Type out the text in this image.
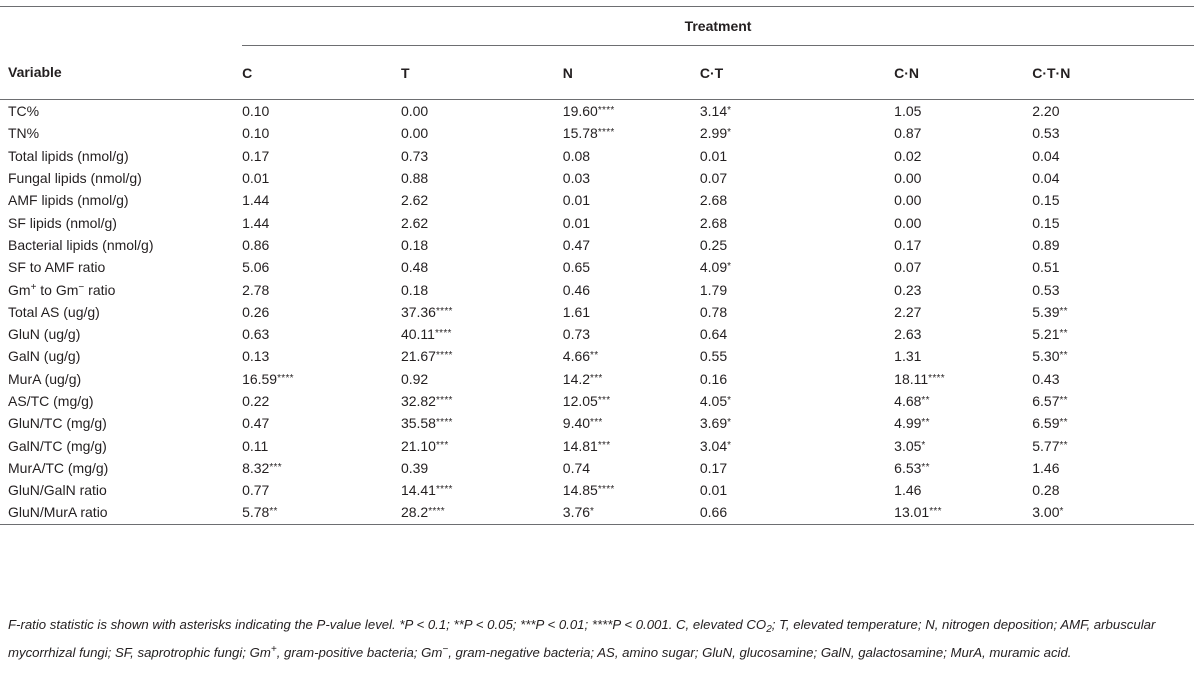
	Treatment					
Variable	C	T	N	C·T	C·N	C·T·N
TC%	0.10	0.00	19.60****	3.14*	1.05	2.20
TN%	0.10	0.00	15.78****	2.99*	0.87	0.53
Total lipids (nmol/g)	0.17	0.73	0.08	0.01	0.02	0.04
Fungal lipids (nmol/g)	0.01	0.88	0.03	0.07	0.00	0.04
AMF lipids (nmol/g)	1.44	2.62	0.01	2.68	0.00	0.15
SF lipids (nmol/g)	1.44	2.62	0.01	2.68	0.00	0.15
Bacterial lipids (nmol/g)	0.86	0.18	0.47	0.25	0.17	0.89
SF to AMF ratio	5.06	0.48	0.65	4.09*	0.07	0.51
Gm+ to Gm− ratio	2.78	0.18	0.46	1.79	0.23	0.53
Total AS (ug/g)	0.26	37.36****	1.61	0.78	2.27	5.39**
GluN (ug/g)	0.63	40.11****	0.73	0.64	2.63	5.21**
GalN (ug/g)	0.13	21.67****	4.66**	0.55	1.31	5.30**
MurA (ug/g)	16.59****	0.92	14.2***	0.16	18.11****	0.43
AS/TC (mg/g)	0.22	32.82****	12.05***	4.05*	4.68**	6.57**
GluN/TC (mg/g)	0.47	35.58****	9.40***	3.69*	4.99**	6.59**
GalN/TC (mg/g)	0.11	21.10***	14.81***	3.04*	3.05*	5.77**
MurA/TC (mg/g)	8.32***	0.39	0.74	0.17	6.53**	1.46
GluN/GalN ratio	0.77	14.41****	14.85****	0.01	1.46	0.28
GluN/MurA ratio	5.78**	28.2****	3.76*	0.66	13.01***	3.00*
F-ratio statistic is shown with asterisks indicating the P-value level. *P < 0.1; **P < 0.05; ***P < 0.01; ****P < 0.001. C, elevated $CO_2$; T, elevated temperature; N, nitrogen deposition; AMF, arbuscular mycorrhizal fungi; SF, saprotrophic fungi; Gm+, gram-positive bacteria; Gm−, gram-negative bacteria; AS, amino sugar; GluN, glucosamine; GalN, galactosamine; MurA, muramic acid.
